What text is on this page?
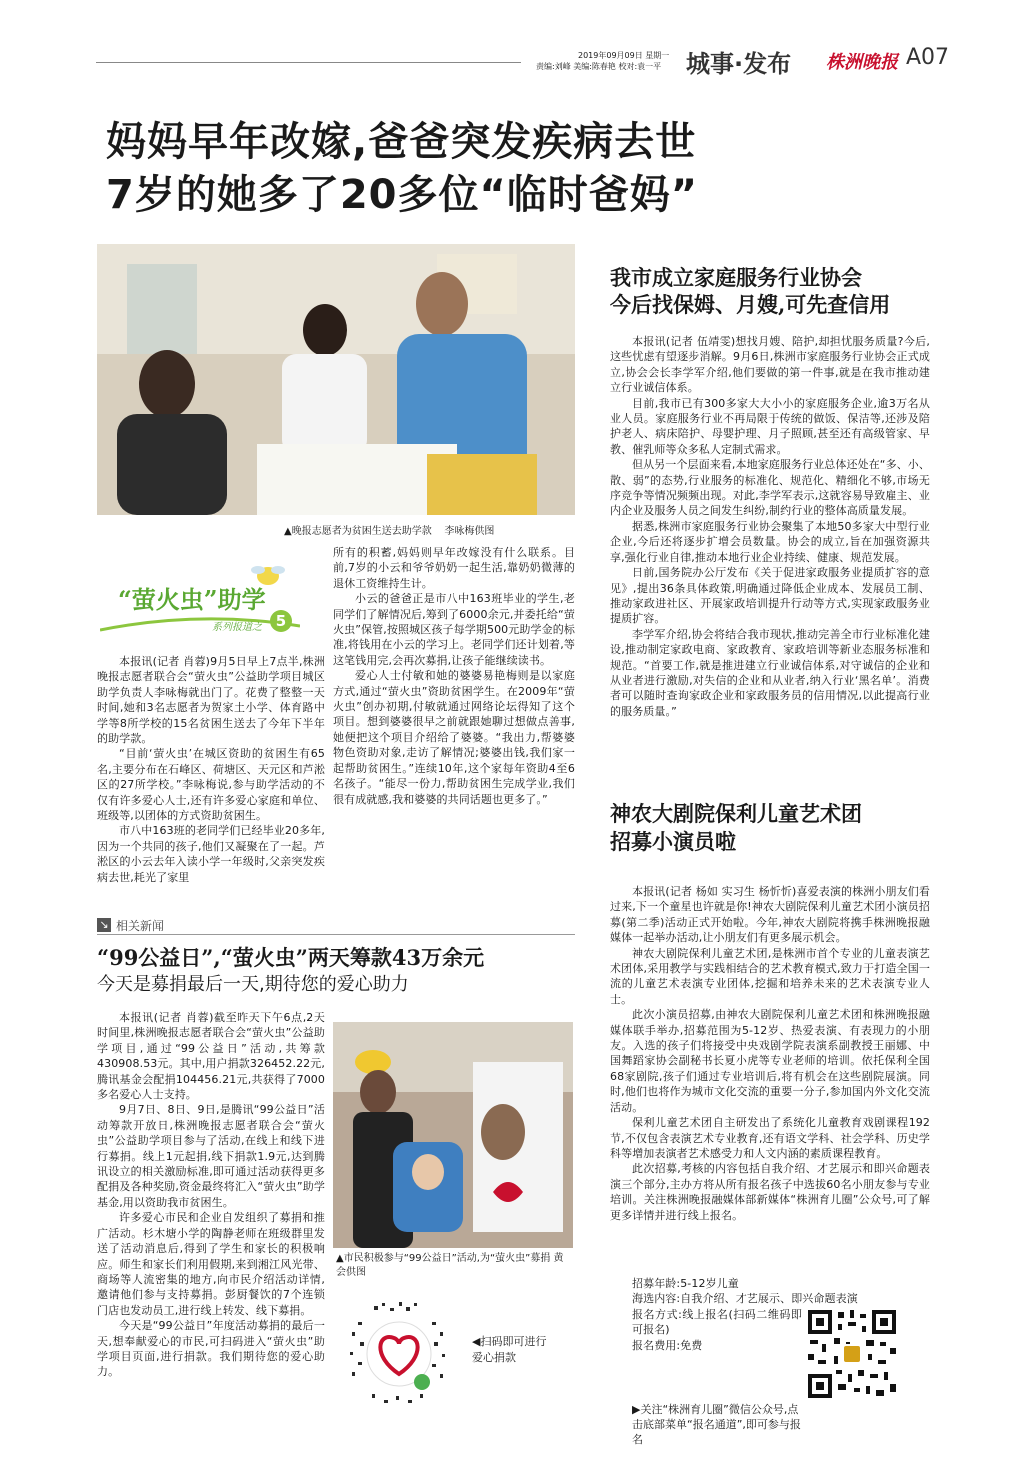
2019年09月09日 星期一
责编:刘峰 美编:陈春艳 校对:袁一平 城事·发布 株洲晚报 A07
妈妈早年改嫁,爸爸突发疾病去世
7岁的她多了20多位“临时爸妈”
▲晚报志愿者为贫困生送去助学款    李咏梅供图
“萤火虫”助学
系列报道之 5

本报讯(记者 肖蓉)9月5日早上7点半,株洲晚报志愿者联合会“萤火虫”公益助学项目城区助学负责人李咏梅就出门了。花费了整整一天时间,她和3名志愿者为贺家土小学、体育路中学等8所学校的15名贫困生送去了今年下半年的助学款。

“目前‘萤火虫’在城区资助的贫困生有65名,主要分布在石峰区、荷塘区、天元区和芦淞区的27所学校。”李咏梅说,参与助学活动的不仅有许多爱心人士,还有许多爱心家庭和单位、班级等,以团体的方式资助贫困生。

市八中163班的老同学们已经毕业20多年,因为一个共同的孩子,他们又凝聚在了一起。芦淞区的小云去年入读小学一年级时,父亲突发疾病去世,耗光了家里

所有的积蓄,妈妈则早年改嫁没有什么联系。目前,7岁的小云和爷爷奶奶一起生活,靠奶奶微薄的退休工资维持生计。

小云的爸爸正是市八中163班毕业的学生,老同学们了解情况后,筹到了6000余元,并委托给“萤火虫”保管,按照城区孩子每学期500元助学金的标准,将钱用在小云的学习上。老同学们还计划着,等这笔钱用完,会再次募捐,让孩子能继续读书。

爱心人士付敏和她的婆婆易艳梅则是以家庭方式,通过“萤火虫”资助贫困学生。在2009年“萤火虫”创办初期,付敏就通过网络论坛得知了这个项目。想到婆婆很早之前就跟她聊过想做点善事,她便把这个项目介绍给了婆婆。“我出力,帮婆婆物色资助对象,走访了解情况;婆婆出钱,我们家一起帮助贫困生。”连续10年,这个家每年资助4至6名孩子。“能尽一份力,帮助贫困生完成学业,我们很有成就感,我和婆婆的共同话题也更多了。”

↘ 相关新闻
“99公益日”,“萤火虫”两天筹款43万余元
今天是募捐最后一天,期待您的爱心助力

本报讯(记者 肖蓉)截至昨天下午6点,2天时间里,株洲晚报志愿者联合会“萤火虫”公益助学项目,通过“99公益日”活动,共筹款430908.53元。其中,用户捐款326452.22元,腾讯基金会配捐104456.21元,共获得了7000多名爱心人士支持。

9月7日、8日、9日,是腾讯“99公益日”活动筹款开放日,株洲晚报志愿者联合会“萤火虫”公益助学项目参与了活动,在线上和线下进行募捐。线上1元起捐,线下捐款1.9元,达到腾讯设立的相关激励标准,即可通过活动获得更多配捐及各种奖励,资金最终将汇入“萤火虫”助学基金,用以资助我市贫困生。

许多爱心市民和企业自发组织了募捐和推广活动。杉木塘小学的陶静老师在班级群里发送了活动消息后,得到了学生和家长的积极响应。师生和家长们利用假期,来到湘江风光带、商场等人流密集的地方,向市民介绍活动详情,邀请他们参与支持募捐。彭厨餐饮的7个连锁门店也发动员工,进行线上转发、线下募捐。

今天是“99公益日”年度活动募捐的最后一天,想奉献爱心的市民,可扫码进入“萤火虫”助学项目页面,进行捐款。我们期待您的爱心助力。

▲市民积极参与“99公益日”活动,为“萤火虫”募捐 黄会供图
◀扫码即可进行爱心捐款
我市成立家庭服务行业协会
今后找保姆、月嫂,可先查信用

本报讯(记者 伍靖雯)想找月嫂、陪护,却担忧服务质量?今后,这些忧虑有望逐步消解。9月6日,株洲市家庭服务行业协会正式成立,协会会长李学军介绍,他们要做的第一件事,就是在我市推动建立行业诚信体系。

目前,我市已有300多家大大小小的家庭服务企业,逾3万名从业人员。家庭服务行业不再局限于传统的做饭、保洁等,还涉及陪护老人、病床陪护、母婴护理、月子照顾,甚至还有高级管家、早教、催乳师等众多私人定制式需求。

但从另一个层面来看,本地家庭服务行业总体还处在“多、小、散、弱”的态势,行业服务的标准化、规范化、精细化不够,市场无序竞争等情况频频出现。对此,李学军表示,这就容易导致雇主、业内企业及服务人员之间发生纠纷,制约行业的整体高质量发展。

据悉,株洲市家庭服务行业协会聚集了本地50多家大中型行业企业,今后还将逐步扩增会员数量。协会的成立,旨在加强资源共享,强化行业自律,推动本地行业企业持续、健康、规范发展。

日前,国务院办公厅发布《关于促进家政服务业提质扩容的意见》,提出36条具体政策,明确通过降低企业成本、发展员工制、推动家政进社区、开展家政培训提升行动等方式,实现家政服务业提质扩容。

李学军介绍,协会将结合我市现状,推动完善全市行业标准化建设,推动制定家政电商、家政教育、家政培训等新业态服务标准和规范。“首要工作,就是推进建立行业诚信体系,对守诚信的企业和从业者进行激励,对失信的企业和从业者,纳入行业‘黑名单’。消费者可以随时查询家政企业和家政服务员的信用情况,以此提高行业的服务质量。”

神农大剧院保利儿童艺术团
招募小演员啦

本报讯(记者 杨如 实习生 杨忻忻)喜爱表演的株洲小朋友们看过来,下一个童星也许就是你!神农大剧院保利儿童艺术团小演员招募(第二季)活动正式开始啦。今年,神农大剧院将携手株洲晚报融媒体一起举办活动,让小朋友们有更多展示机会。

神农大剧院保利儿童艺术团,是株洲市首个专业的儿童表演艺术团体,采用教学与实践相结合的艺术教育模式,致力于打造全国一流的儿童艺术表演专业团体,挖掘和培养未来的艺术表演专业人士。

此次小演员招募,由神农大剧院保利儿童艺术团和株洲晚报融媒体联手举办,招募范围为5-12岁、热爱表演、有表现力的小朋友。入选的孩子们将接受中央戏剧学院表演系副教授王丽娜、中国舞蹈家协会副秘书长夏小虎等专业老师的培训。依托保利全国68家剧院,孩子们通过专业培训后,将有机会在这些剧院展演。同时,他们也将作为城市文化交流的重要一分子,参加国内外文化交流活动。

保利儿童艺术团自主研发出了系统化儿童教育戏剧课程192节,不仅包含表演艺术专业教育,还有语文学科、社会学科、历史学科等增加表演者艺术感受力和人文内涵的素质课程教育。

此次招募,考核的内容包括自我介绍、才艺展示和即兴命题表演三个部分,主办方将从所有报名孩子中选拔60名小朋友参与专业培训。关注株洲晚报融媒体部新媒体“株洲育儿圈”公众号,可了解更多详情并进行线上报名。

招募年龄:5-12岁儿童
海选内容:自我介绍、才艺展示、即兴命题表演
报名方式:线上报名(扫码二维码即可报名)
报名费用:免费
▶关注“株洲育儿圈”微信公众号,点击底部菜单“报名通道”,即可参与报名
